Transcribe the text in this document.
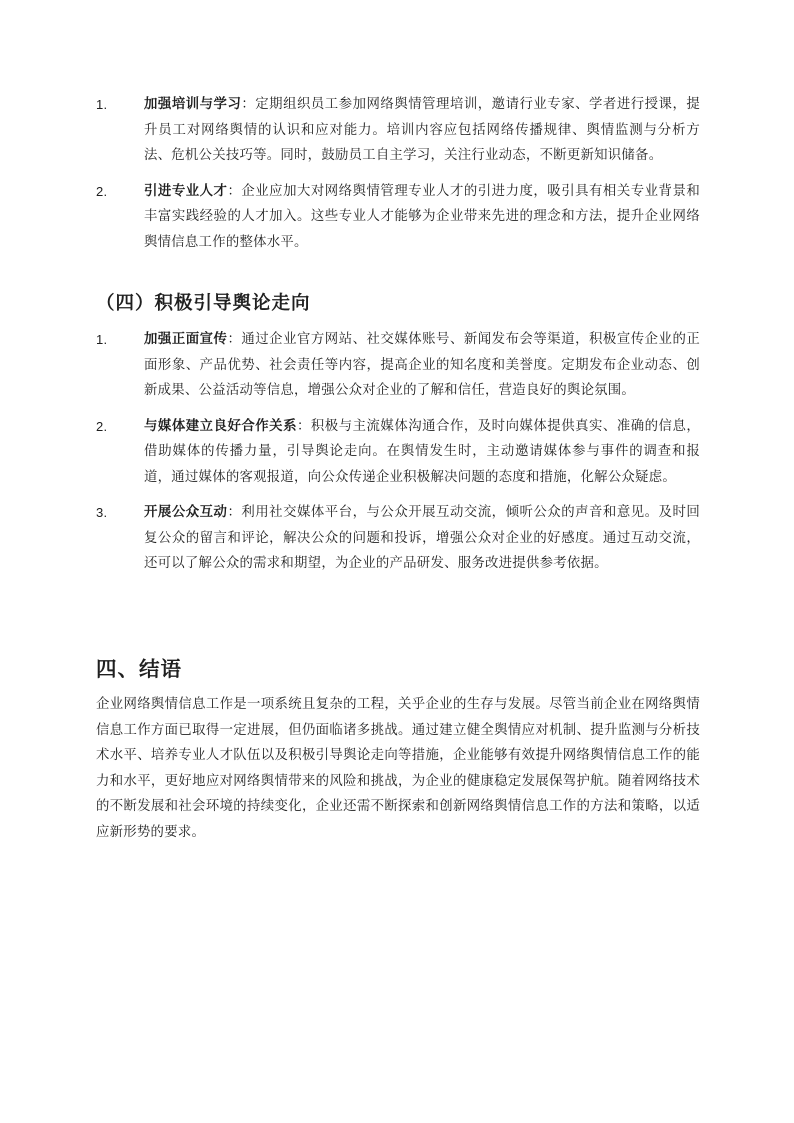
1.	加强培训与学习：定期组织员工参加网络舆情管理培训，邀请行业专家、学者进行授课，提升员工对网络舆情的认识和应对能力。培训内容应包括网络传播规律、舆情监测与分析方法、危机公关技巧等。同时，鼓励员工自主学习，关注行业动态，不断更新知识储备。
2.	引进专业人才：企业应加大对网络舆情管理专业人才的引进力度，吸引具有相关专业背景和丰富实践经验的人才加入。这些专业人才能够为企业带来先进的理念和方法，提升企业网络舆情信息工作的整体水平。
（四）积极引导舆论走向
1.	加强正面宣传：通过企业官方网站、社交媒体账号、新闻发布会等渠道，积极宣传企业的正面形象、产品优势、社会责任等内容，提高企业的知名度和美誉度。定期发布企业动态、创新成果、公益活动等信息，增强公众对企业的了解和信任，营造良好的舆论氛围。
2.	与媒体建立良好合作关系：积极与主流媒体沟通合作，及时向媒体提供真实、准确的信息，借助媒体的传播力量，引导舆论走向。在舆情发生时，主动邀请媒体参与事件的调查和报道，通过媒体的客观报道，向公众传递企业积极解决问题的态度和措施，化解公众疑虑。
3.	开展公众互动：利用社交媒体平台，与公众开展互动交流，倾听公众的声音和意见。及时回复公众的留言和评论，解决公众的问题和投诉，增强公众对企业的好感度。通过互动交流，还可以了解公众的需求和期望，为企业的产品研发、服务改进提供参考依据。
四、结语

企业网络舆情信息工作是一项系统且复杂的工程，关乎企业的生存与发展。尽管当前企业在网络舆情信息工作方面已取得一定进展，但仍面临诸多挑战。通过建立健全舆情应对机制、提升监测与分析技术水平、培养专业人才队伍以及积极引导舆论走向等措施，企业能够有效提升网络舆情信息工作的能力和水平，更好地应对网络舆情带来的风险和挑战，为企业的健康稳定发展保驾护航。随着网络技术的不断发展和社会环境的持续变化，企业还需不断探索和创新网络舆情信息工作的方法和策略，以适应新形势的要求。
